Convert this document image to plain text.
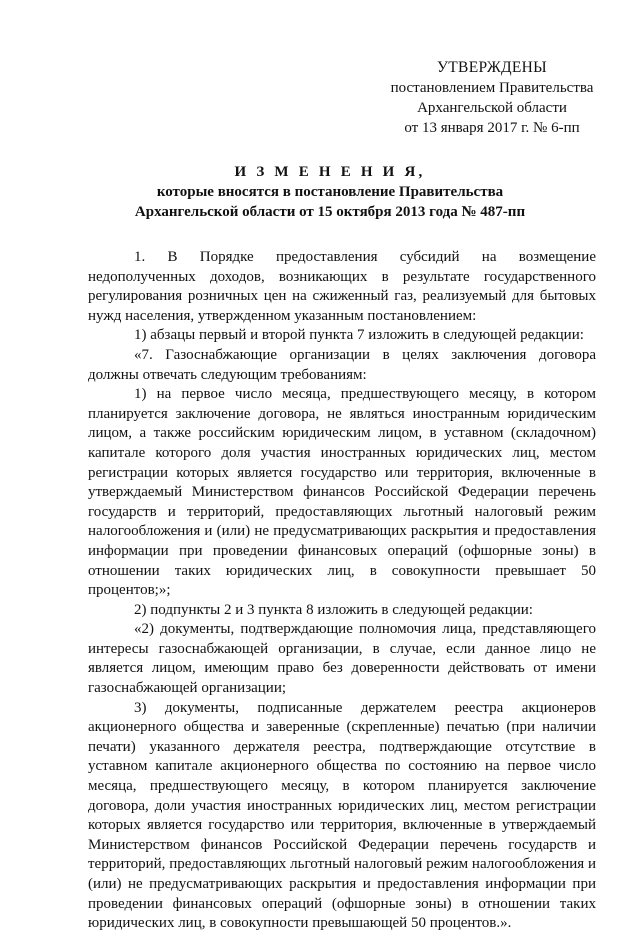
УТВЕРЖДЕНЫ
постановлением Правительства
Архангельской области
от 13 января 2017 г. № 6-пп
И З М Е Н Е Н И Я,
которые вносятся в постановление Правительства
Архангельской области от 15 октября 2013 года № 487-пп

1. В Порядке предоставления субсидий на возмещение недополученных доходов, возникающих в результате государственного регулирования розничных цен на сжиженный газ, реализуемый для бытовых нужд населения, утвержденном указанным постановлением:

1) абзацы первый и второй пункта 7 изложить в следующей редакции:

«7. Газоснабжающие организации в целях заключения договора должны отвечать следующим требованиям:

1) на первое число месяца, предшествующего месяцу, в котором планируется заключение договора, не являться иностранным юридическим лицом, а также российским юридическим лицом, в уставном (складочном) капитале которого доля участия иностранных юридических лиц, местом регистрации которых является государство или территория, включенные в утверждаемый Министерством финансов Российской Федерации перечень государств и территорий, предоставляющих льготный налоговый режим налогообложения и (или) не предусматривающих раскрытия и предоставления информации при проведении финансовых операций (офшорные зоны) в отношении таких юридических лиц, в совокупности превышает 50 процентов;»;

2) подпункты 2 и 3 пункта 8 изложить в следующей редакции:

«2) документы, подтверждающие полномочия лица, представляющего интересы газоснабжающей организации, в случае, если данное лицо не является лицом, имеющим право без доверенности действовать от имени газоснабжающей организации;

3) документы, подписанные держателем реестра акционеров акционерного общества и заверенные (скрепленные) печатью (при наличии печати) указанного держателя реестра, подтверждающие отсутствие в уставном капитале акционерного общества по состоянию на первое число месяца, предшествующего месяцу, в котором планируется заключение договора, доли участия иностранных юридических лиц, местом регистрации которых является государство или территория, включенные в утверждаемый Министерством финансов Российской Федерации перечень государств и территорий, предоставляющих льготный налоговый режим налогообложения и (или) не предусматривающих раскрытия и предоставления информации при проведении финансовых операций (офшорные зоны) в отношении таких юридических лиц, в совокупности превышающей 50 процентов.».
